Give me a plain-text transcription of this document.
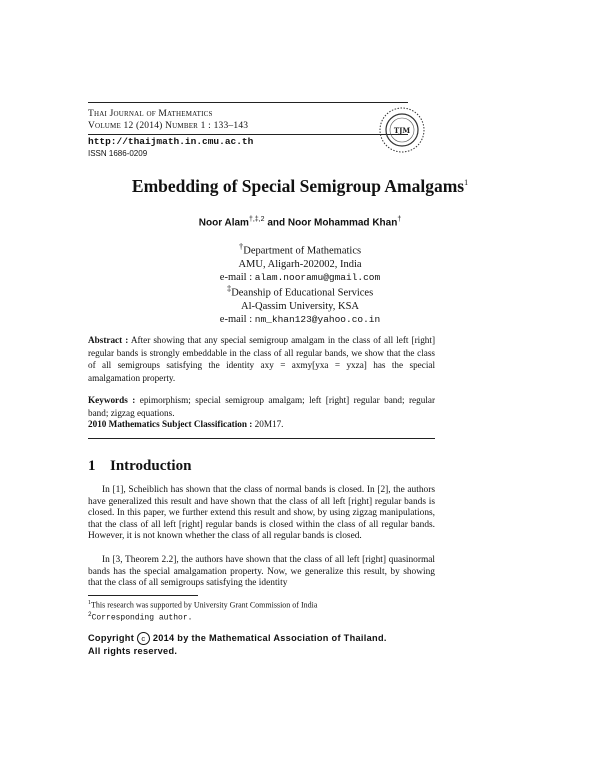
Thai Journal of Mathematics
Volume 12 (2014) Number 1 : 133–143
http://thaijmath.in.cmu.ac.th
ISSN 1686-0209
TJM
Embedding of Special Semigroup Amalgams$^1$
Noor Alam$^{\dagger,\ddagger,2}$ and Noor Mohammad Khan†
†Department of Mathematics
AMU, Aligarh-202002, India
e-mail : alam.nooramu@gmail.com
‡Deanship of Educational Services
Al-Qassim University, KSA
e-mail : nm_khan123@yahoo.co.in
Abstract : After showing that any special semigroup amalgam in the class of all left [right] regular bands is strongly embeddable in the class of all regular bands, we show that the class of all semigroups satisfying the identity axy = axmy[yxa = yxza] has the special amalgamation property.
Keywords : epimorphism; special semigroup amalgam; left [right] regular band; regular band; zigzag equations.
2010 Mathematics Subject Classification : 20M17.
1 Introduction
In [1], Scheiblich has shown that the class of normal bands is closed. In [2], the authors have generalized this result and have shown that the class of all left [right] regular bands is closed. In this paper, we further extend this result and show, by using zigzag manipulations, that the class of all left [right] regular bands is closed within the class of all regular bands. However, it is not known whether the class of all regular bands is closed.
In [3, Theorem 2.2], the authors have shown that the class of all left [right] quasinormal bands has the special amalgamation property. Now, we generalize this result, by showing that the class of all semigroups satisfying the identity
$^1$This research was supported by University Grant Commission of India
$^2$Corresponding author.
Copyright c 2014 by the Mathematical Association of Thailand.
All rights reserved.
